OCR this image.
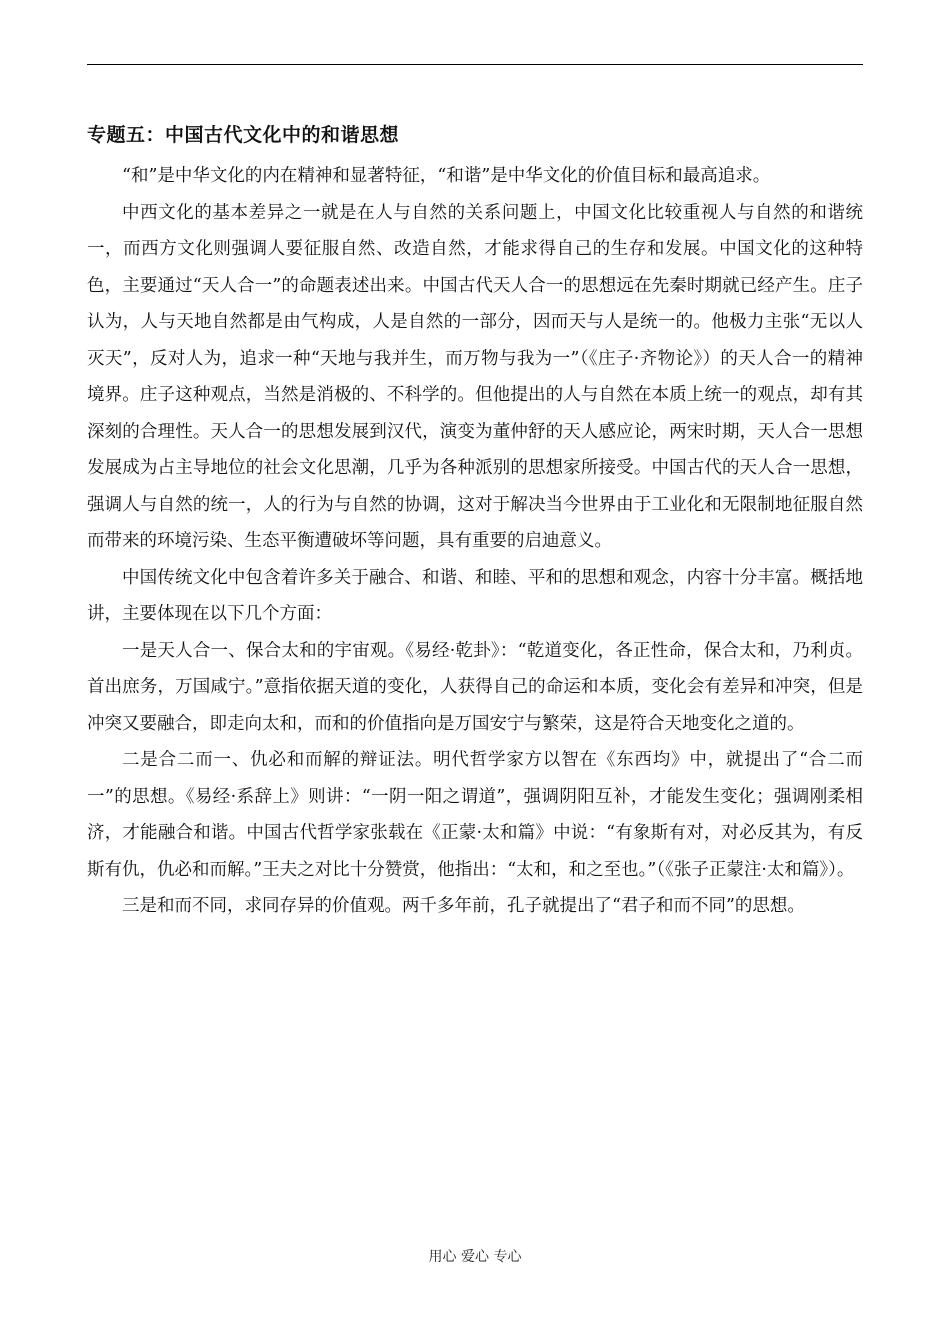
专题五：中国古代文化中的和谐思想

“和”是中华文化的内在精神和显著特征，“和谐”是中华文化的价值目标和最高追求。

中西文化的基本差异之一就是在人与自然的关系问题上，中国文化比较重视人与自然的和谐统一，而西方文化则强调人要征服自然、改造自然，才能求得自己的生存和发展。中国文化的这种特色，主要通过“天人合一”的命题表述出来。中国古代天人合一的思想远在先秦时期就已经产生。庄子认为，人与天地自然都是由气构成，人是自然的一部分，因而天与人是统一的。他极力主张“无以人灭天”，反对人为，追求一种“天地与我并生，而万物与我为一”（《庄子·齐物论》）的天人合一的精神境界。庄子这种观点，当然是消极的、不科学的。但他提出的人与自然在本质上统一的观点，却有其深刻的合理性。天人合一的思想发展到汉代，演变为董仲舒的天人感应论，两宋时期，天人合一思想发展成为占主导地位的社会文化思潮，几乎为各种派别的思想家所接受。中国古代的天人合一思想，强调人与自然的统一，人的行为与自然的协调，这对于解决当今世界由于工业化和无限制地征服自然而带来的环境污染、生态平衡遭破坏等问题，具有重要的启迪意义。

中国传统文化中包含着许多关于融合、和谐、和睦、平和的思想和观念，内容十分丰富。概括地讲，主要体现在以下几个方面：

一是天人合一、保合太和的宇宙观。《易经·乾卦》：“乾道变化，各正性命，保合太和，乃利贞。首出庶务，万国咸宁。”意指依据天道的变化，人获得自己的命运和本质，变化会有差异和冲突，但是冲突又要融合，即走向太和，而和的价值指向是万国安宁与繁荣，这是符合天地变化之道的。

二是合二而一、仇必和而解的辩证法。明代哲学家方以智在《东西均》中，就提出了“合二而一”的思想。《易经·系辞上》则讲：“一阴一阳之谓道”，强调阴阳互补，才能发生变化；强调刚柔相济，才能融合和谐。中国古代哲学家张载在《正蒙·太和篇》中说：“有象斯有对，对必反其为，有反斯有仇，仇必和而解。”王夫之对比十分赞赏，他指出：“太和，和之至也。”（《张子正蒙注·太和篇》）。

三是和而不同，求同存异的价值观。两千多年前，孔子就提出了“君子和而不同”的思想。

用心 爱心 专心
